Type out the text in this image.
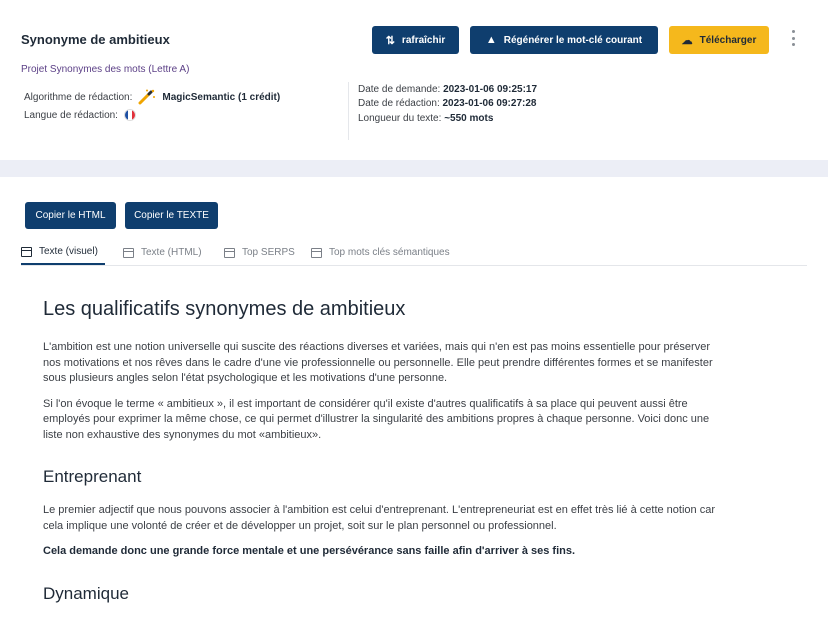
Synonyme de ambitieux	⇅ rafraîchir	▲ Régénérer le mot-clé courant	☁ Télécharger
Projet Synonymes des mots (Lettre A)
Algorithme de rédaction:	MagicSemantic (1 crédit)
Langue de rédaction:
Date de demande: 2023-01-06 09:25:17
Date de rédaction: 2023-01-06 09:27:28
Longueur du texte: ~550 mots
Copier le HTML	Copier le TEXTE
Texte (visuel)	Texte (HTML)	Top SERPS	Top mots clés sémantiques
Les qualificatifs synonymes de ambitieux

L'ambition est une notion universelle qui suscite des réactions diverses et variées, mais qui n'en est pas moins essentielle pour préserver nos motivations et nos rêves dans le cadre d'une vie professionnelle ou personnelle. Elle peut prendre différentes formes et se manifester sous plusieurs angles selon l'état psychologique et les motivations d'une personne.

Si l'on évoque le terme « ambitieux », il est important de considérer qu'il existe d'autres qualificatifs à sa place qui peuvent aussi être employés pour exprimer la même chose, ce qui permet d'illustrer la singularité des ambitions propres à chaque personne. Voici donc une liste non exhaustive des synonymes du mot «ambitieux».

Entreprenant

Le premier adjectif que nous pouvons associer à l'ambition est celui d'entreprenant. L'entrepreneuriat est en effet très lié à cette notion car cela implique une volonté de créer et de développer un projet, soit sur le plan personnel ou professionnel.

Cela demande donc une grande force mentale et une persévérance sans faille afin d'arriver à ses fins.

Dynamique
